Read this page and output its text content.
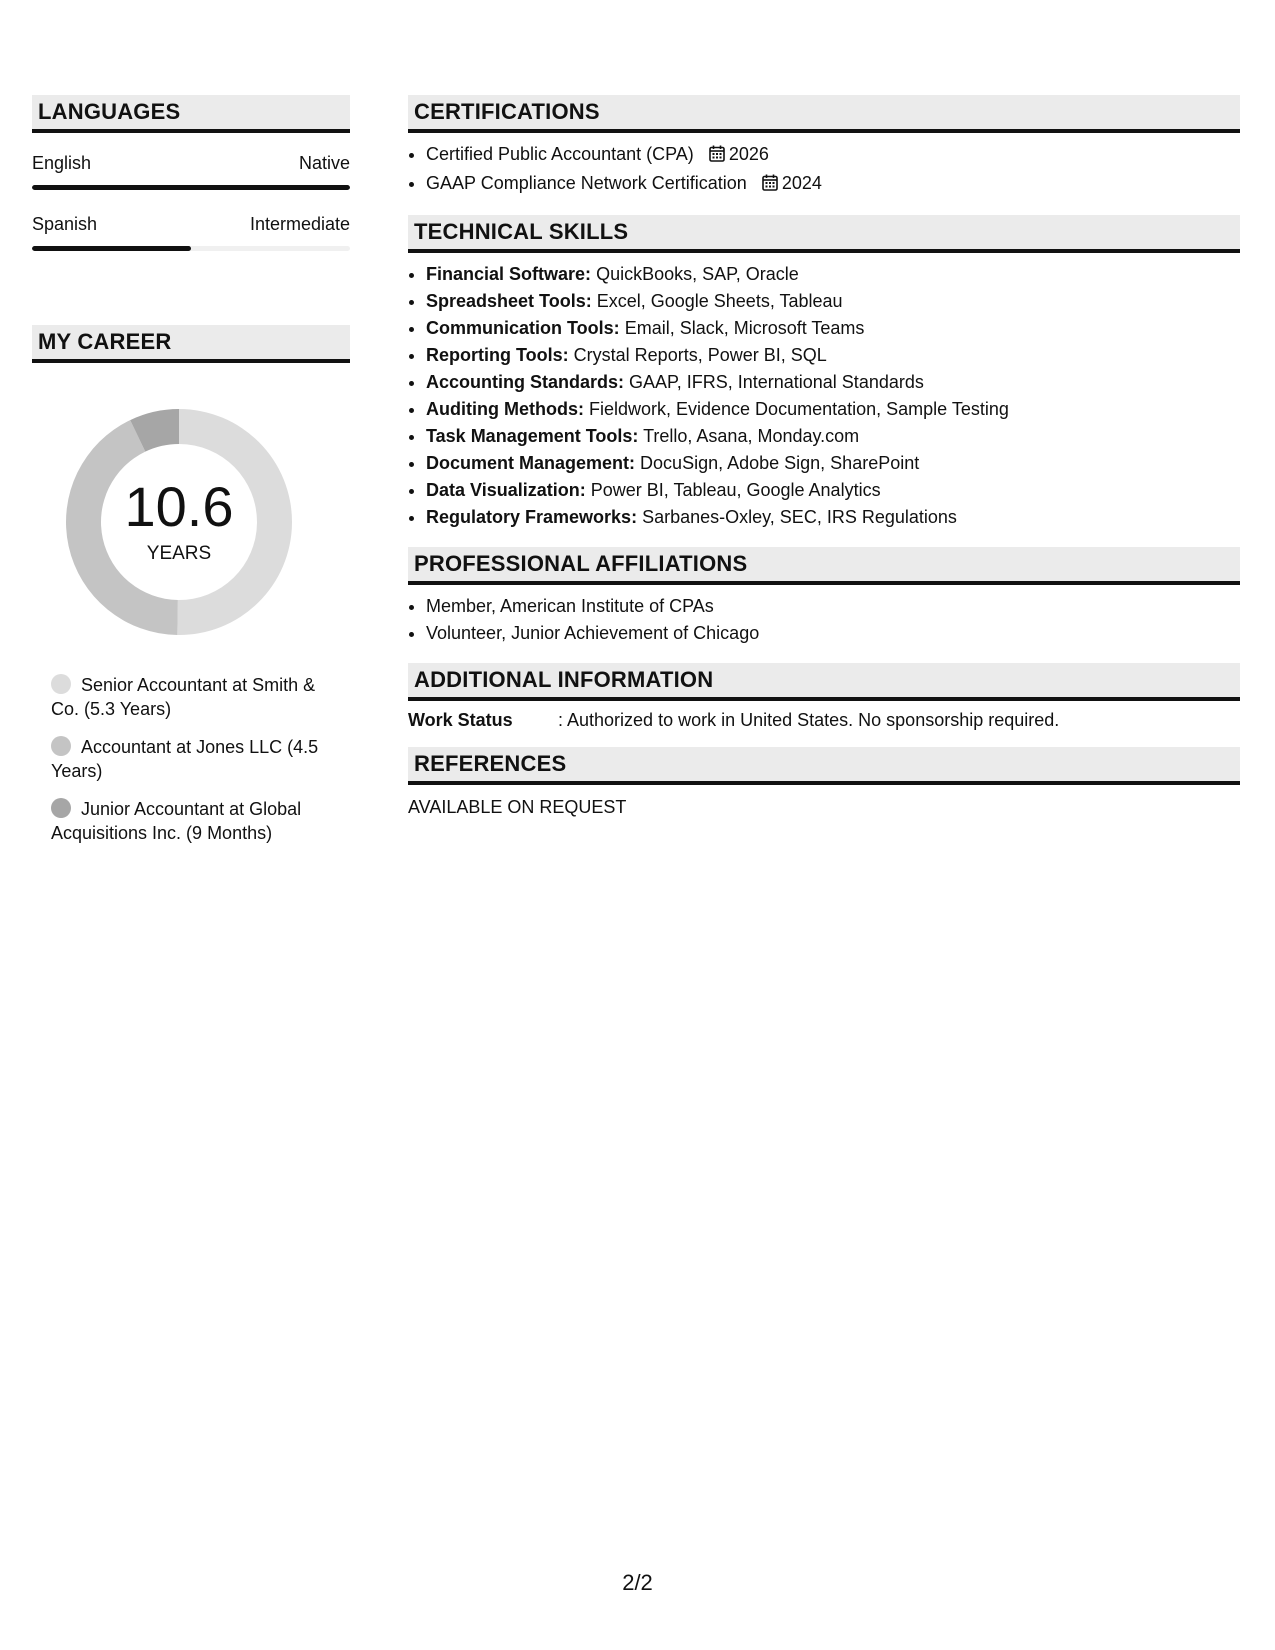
LANGUAGES
English	Native
Spanish	Intermediate
MY CAREER
10.6
YEARS
Senior Accountant at Smith & Co. (5.3 Years)
Accountant at Jones LLC (4.5 Years)
Junior Accountant at Global Acquisitions Inc. (9 Months)
CERTIFICATIONS
• Certified Public Accountant (CPA) 2026
• GAAP Compliance Network Certification 2024
TECHNICAL SKILLS
• Financial Software: QuickBooks, SAP, Oracle
• Spreadsheet Tools: Excel, Google Sheets, Tableau
• Communication Tools: Email, Slack, Microsoft Teams
• Reporting Tools: Crystal Reports, Power BI, SQL
• Accounting Standards: GAAP, IFRS, International Standards
• Auditing Methods: Fieldwork, Evidence Documentation, Sample Testing
• Task Management Tools: Trello, Asana, Monday.com
• Document Management: DocuSign, Adobe Sign, SharePoint
• Data Visualization: Power BI, Tableau, Google Analytics
• Regulatory Frameworks: Sarbanes-Oxley, SEC, IRS Regulations
PROFESSIONAL AFFILIATIONS
• Member, American Institute of CPAs
• Volunteer, Junior Achievement of Chicago
ADDITIONAL INFORMATION
Work Status	: Authorized to work in United States. No sponsorship required.
REFERENCES
AVAILABLE ON REQUEST
2/2
